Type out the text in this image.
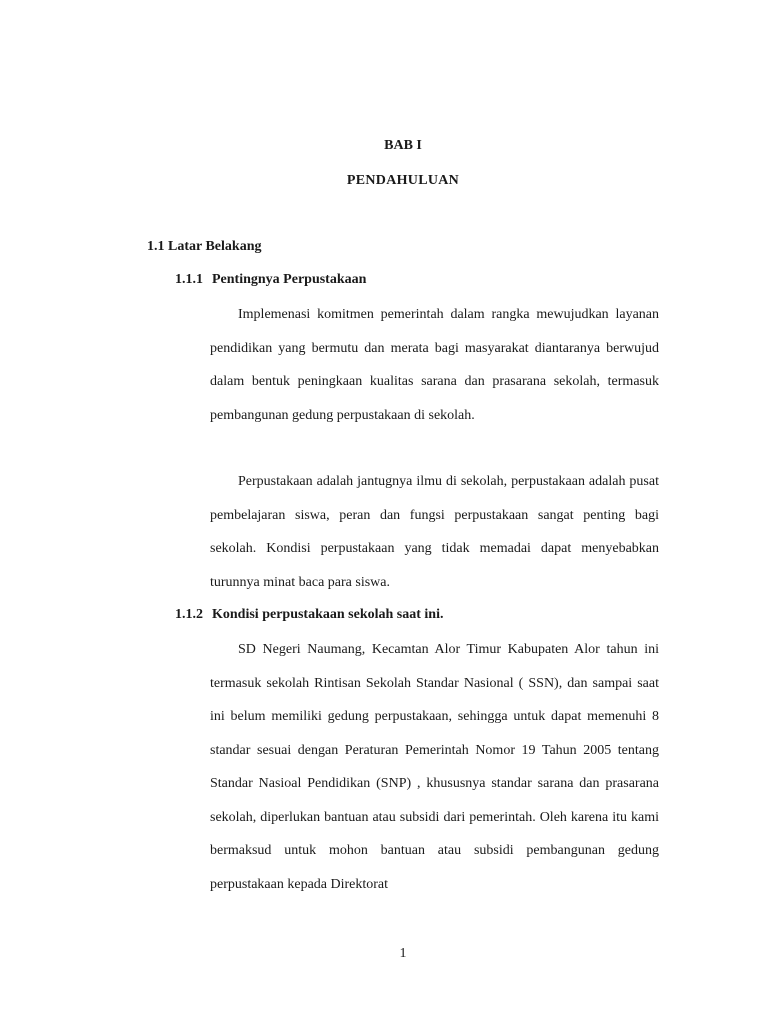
BAB I
PENDAHULUAN
1.1 Latar Belakang
1.1.1 Pentingnya Perpustakaan

Implemenasi komitmen pemerintah dalam rangka mewujudkan layanan pendidikan yang bermutu dan merata bagi masyarakat diantaranya berwujud dalam bentuk peningkaan kualitas sarana dan prasarana sekolah, termasuk pembangunan gedung perpustakaan di sekolah.

Perpustakaan adalah jantugnya ilmu di sekolah, perpustakaan adalah pusat pembelajaran siswa, peran dan fungsi perpustakaan sangat penting bagi sekolah. Kondisi perpustakaan yang tidak memadai dapat menyebabkan turunnya minat baca para siswa.

1.1.2 Kondisi perpustakaan sekolah saat ini.

SD Negeri Naumang, Kecamtan Alor Timur Kabupaten Alor tahun ini termasuk sekolah Rintisan Sekolah Standar Nasional ( SSN), dan sampai saat ini belum memiliki gedung perpustakaan, sehingga untuk dapat memenuhi 8 standar sesuai dengan Peraturan Pemerintah Nomor 19 Tahun 2005 tentang Standar Nasioal Pendidikan (SNP) , khususnya standar sarana dan prasarana sekolah, diperlukan bantuan atau subsidi dari pemerintah. Oleh karena itu kami bermaksud untuk mohon bantuan atau subsidi pembangunan gedung perpustakaan kepada Direktorat

1
